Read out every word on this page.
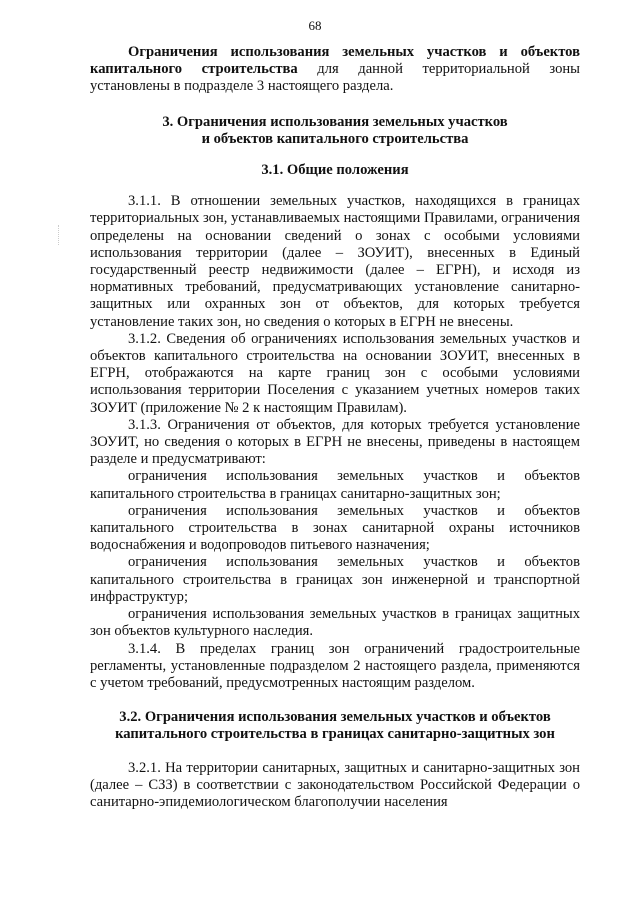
68

Ограничения использования земельных участков и объектов капитального строительства для данной территориальной зоны установлены в подразделе 3 настоящего раздела.

3. Ограничения использования земельных участков
и объектов капитального строительства
3.1. Общие положения

3.1.1. В отношении земельных участков, находящихся в границах территориальных зон, устанавливаемых настоящими Правилами, ограничения определены на основании сведений о зонах с особыми условиями использования территории (далее – ЗОУИТ), внесенных в Единый государственный реестр недвижимости (далее – ЕГРН), и исходя из нормативных требований, предусматривающих установление санитарно-защитных или охранных зон от объектов, для которых требуется установление таких зон, но сведения о которых в ЕГРН не внесены.

3.1.2. Сведения об ограничениях использования земельных участков и объектов капитального строительства на основании ЗОУИТ, внесенных в ЕГРН, отображаются на карте границ зон с особыми условиями использования территории Поселения с указанием учетных номеров таких ЗОУИТ (приложение № 2 к настоящим Правилам).

3.1.3. Ограничения от объектов, для которых требуется установление ЗОУИТ, но сведения о которых в ЕГРН не внесены, приведены в настоящем разделе и предусматривают:

ограничения использования земельных участков и объектов капитального строительства в границах санитарно-защитных зон;

ограничения использования земельных участков и объектов капитального строительства в зонах санитарной охраны источников водоснабжения и водопроводов питьевого назначения;

ограничения использования земельных участков и объектов капитального строительства в границах зон инженерной и транспортной инфраструктур;

ограничения использования земельных участков в границах защитных зон объектов культурного наследия.

3.1.4. В пределах границ зон ограничений градостроительные регламенты, установленные подразделом 2 настоящего раздела, применяются с учетом требований, предусмотренных настоящим разделом.

3.2. Ограничения использования земельных участков и объектов
капитального строительства в границах санитарно-защитных зон

3.2.1. На территории санитарных, защитных и санитарно-защитных зон (далее – СЗЗ) в соответствии с законодательством Российской Федерации о санитарно-эпидемиологическом благополучии населения
